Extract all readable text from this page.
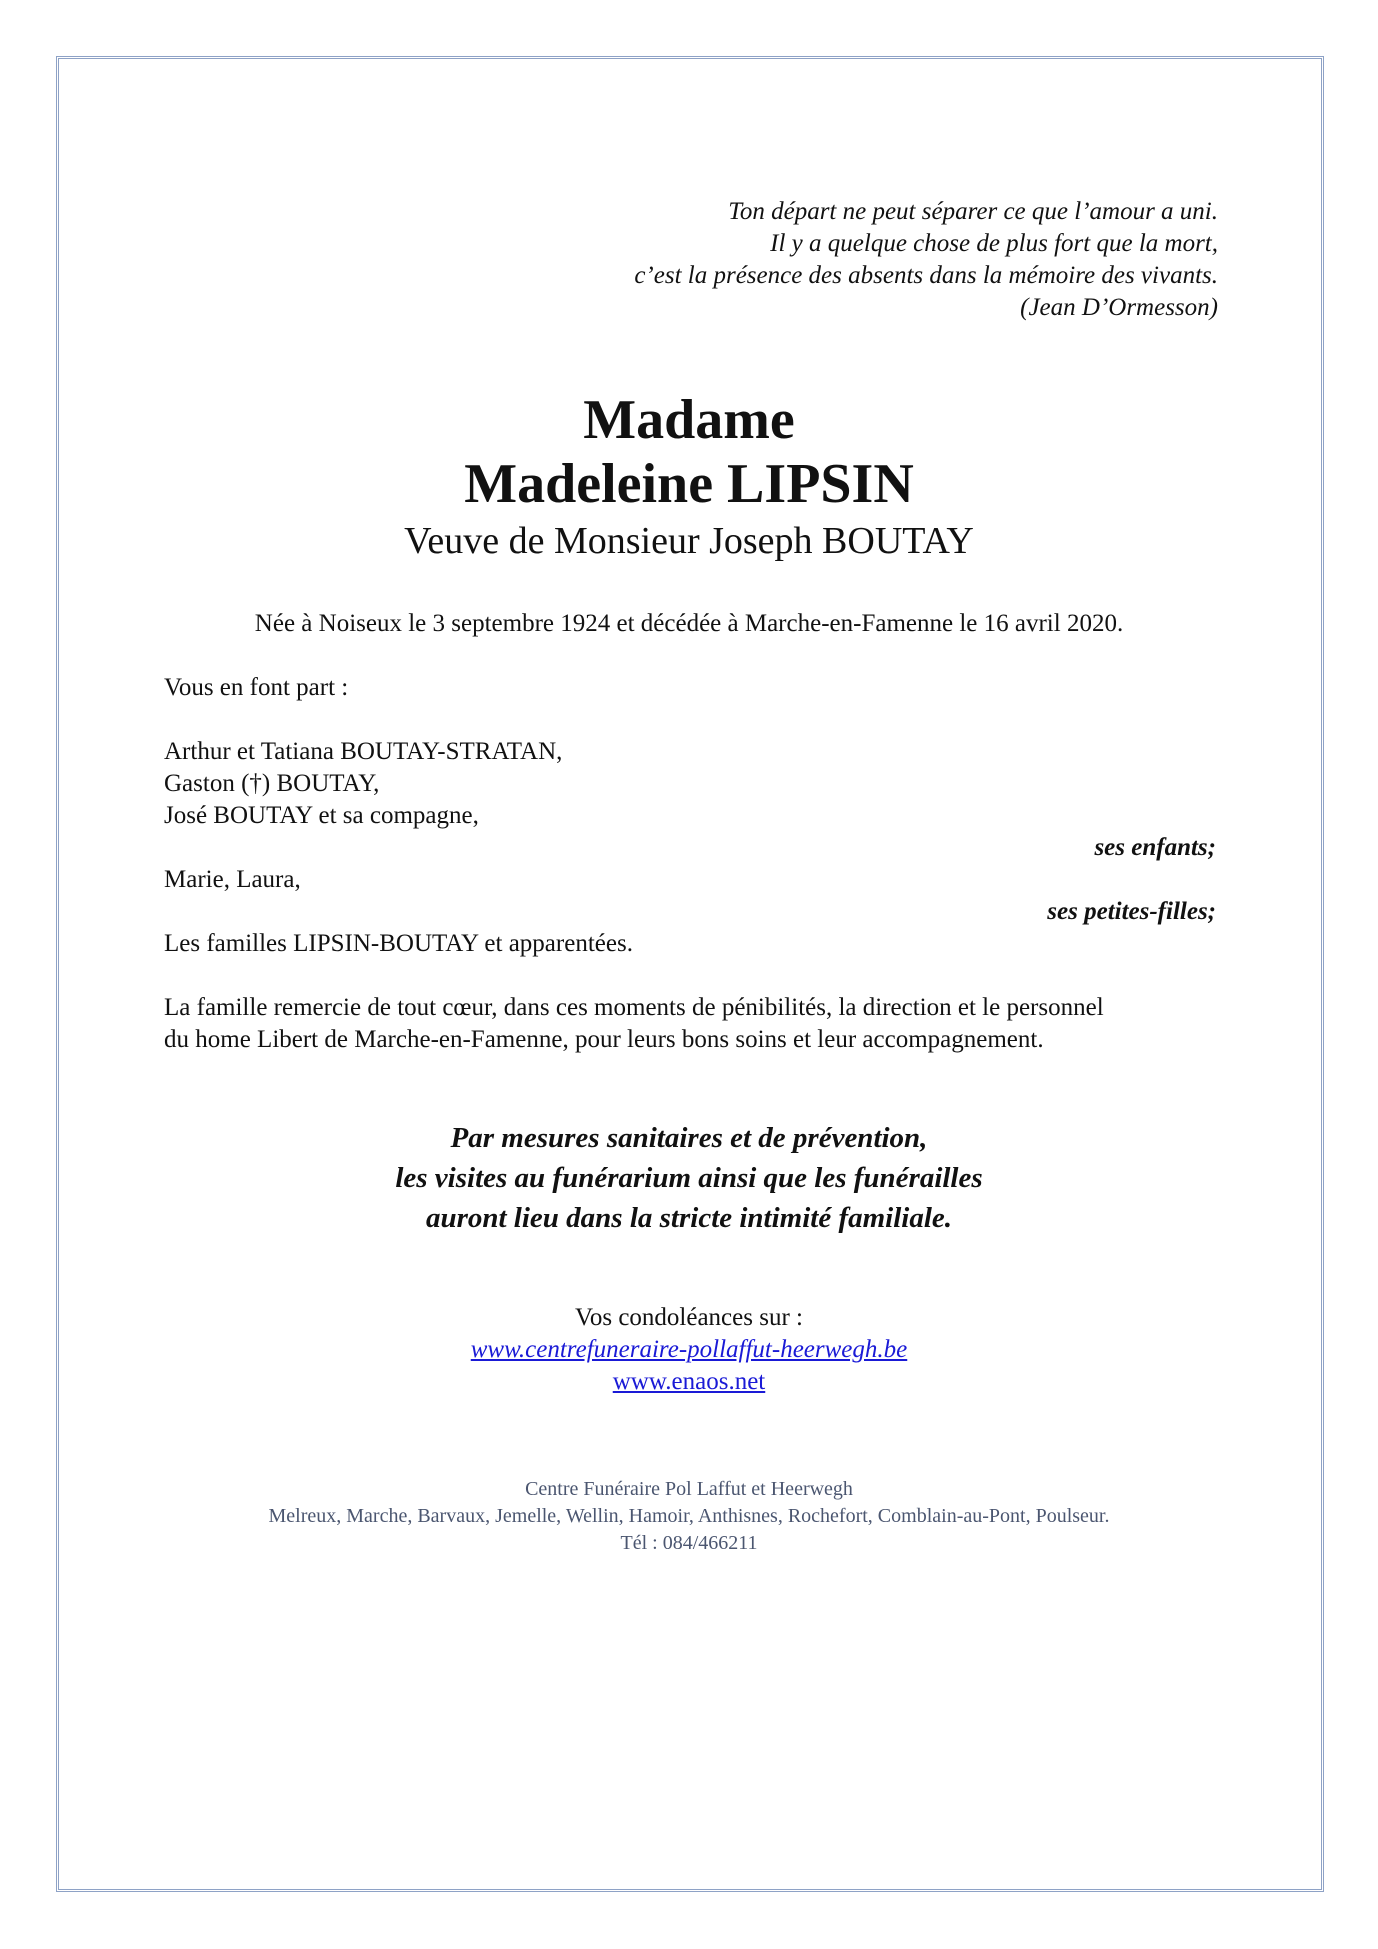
Ton départ ne peut séparer ce que l’amour a uni.
Il y a quelque chose de plus fort que la mort,
c’est la présence des absents dans la mémoire des vivants.
(Jean D’Ormesson)
Madame
Madeleine LIPSIN
Veuve de Monsieur Joseph BOUTAY
Née à Noiseux le 3 septembre 1924 et décédée à Marche-en-Famenne le 16 avril 2020.
Vous en font part :
Arthur et Tatiana BOUTAY-STRATAN,
Gaston (†) BOUTAY,
José BOUTAY et sa compagne,
ses enfants;
Marie, Laura,
ses petites-filles;
Les familles LIPSIN-BOUTAY et apparentées.
La famille remercie de tout cœur, dans ces moments de pénibilités, la direction et le personnel
du home Libert de Marche-en-Famenne, pour leurs bons soins et leur accompagnement.
Par mesures sanitaires et de prévention,
les visites au funérarium ainsi que les funérailles
auront lieu dans la stricte intimité familiale.
Vos condoléances sur :
www.centrefuneraire-pollaffut-heerwegh.be
www.enaos.net
Centre Funéraire Pol Laffut et Heerwegh
Melreux, Marche, Barvaux, Jemelle, Wellin, Hamoir, Anthisnes, Rochefort, Comblain-au-Pont, Poulseur.
Tél : 084/466211
